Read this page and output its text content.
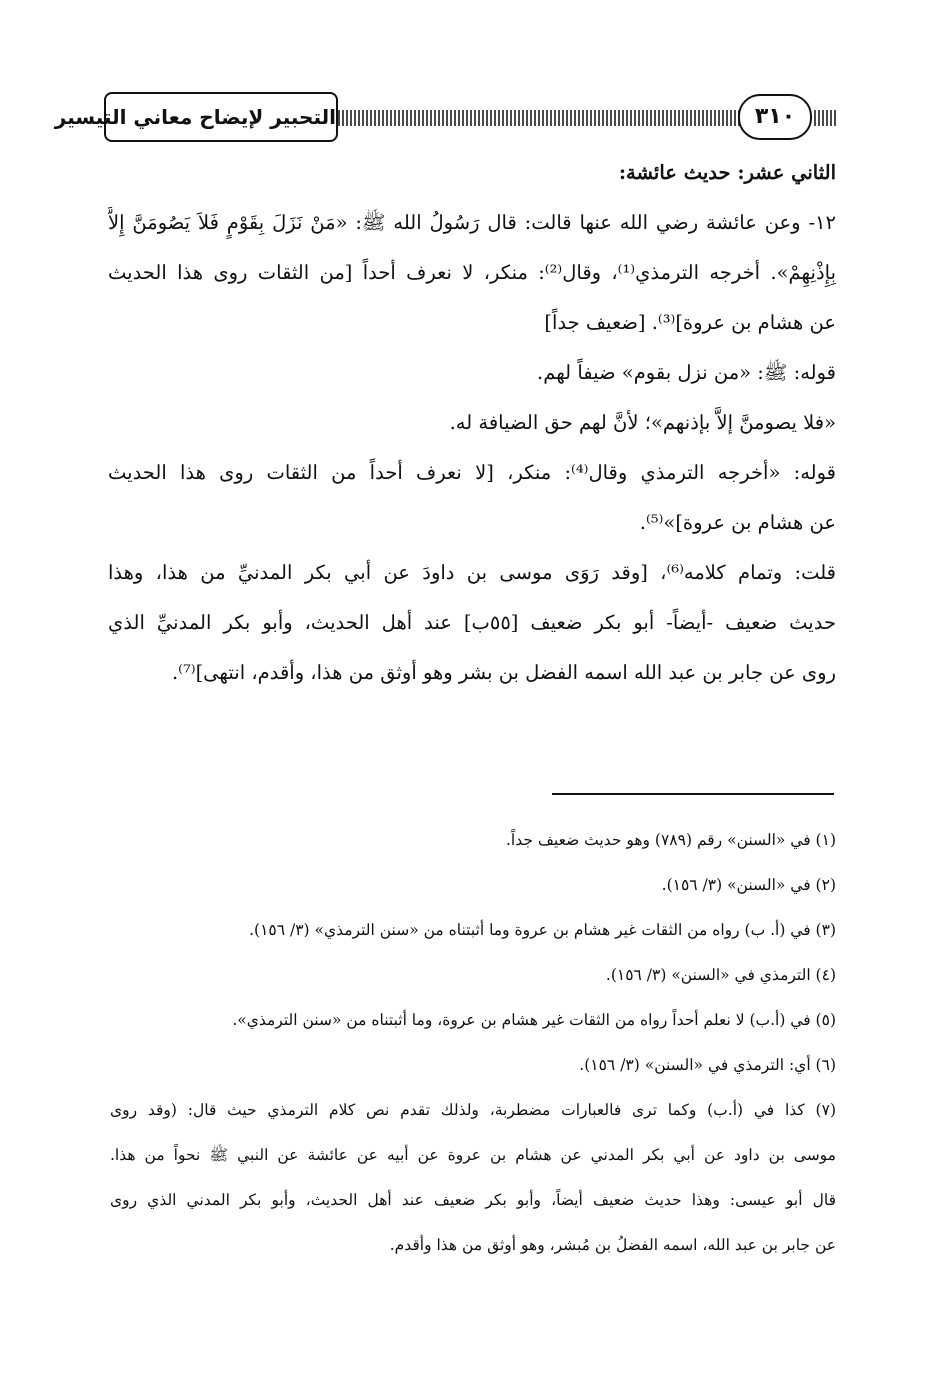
٣١٠
التحبير لإيضاح معاني التيسير
الثاني عشر: حديث عائشة:
١٢- وعن عائشة رضي الله عنها قالت: قال رَسُولُ الله ﷺ: «مَنْ نَزَلَ بِقَوْمٍ فَلاَ يَصُومَنَّ إِلاَّ
بِإِذْنِهِمْ». أخرجه الترمذي⁽¹⁾، وقال⁽²⁾: منكر، لا نعرف أحداً [من الثقات روى هذا الحديث
عن هشام بن عروة]⁽³⁾. [ضعيف جداً]
قوله: ﷺ: «من نزل بقوم» ضيفاً لهم.
«فلا يصومنَّ إلاَّ بإذنهم»؛ لأنَّ لهم حق الضيافة له.
قوله: «أخرجه الترمذي وقال⁽⁴⁾: منكر، [لا نعرف أحداً من الثقات روى هذا الحديث
عن هشام بن عروة]»⁽⁵⁾.
قلت: وتمام كلامه⁽⁶⁾، [وقد رَوَى موسى بن داودَ عن أبي بكر المدنيِّ من هذا، وهذا
حديث ضعيف -أيضاً- أبو بكر ضعيف [٥٥ب] عند أهل الحديث، وأبو بكر المدنيِّ الذي
روى عن جابر بن عبد الله اسمه الفضل بن بشر وهو أوثق من هذا، وأقدم، انتهى]⁽⁷⁾.
(١) في «السنن» رقم (٧٨٩) وهو حديث ضعيف جداً.
(٢) في «السنن» (٣/ ١٥٦).
(٣) في (أ. ب) رواه من الثقات غير هشام بن عروة وما أثبتناه من «سنن الترمذي» (٣/ ١٥٦).
(٤) الترمذي في «السنن» (٣/ ١٥٦).
(٥) في (أ.ب) لا نعلم أحداً رواه من الثقات غير هشام بن عروة، وما أثبتناه من «سنن الترمذي».
(٦) أي: الترمذي في «السنن» (٣/ ١٥٦).
(٧) كذا في (أ.ب) وكما ترى فالعبارات مضطربة، ولذلك تقدم نص كلام الترمذي حيث قال: (وقد روى
موسى بن داود عن أبي بكر المدني عن هشام بن عروة عن أبيه عن عائشة عن النبي ﷺ نحواً من هذا.
قال أبو عيسى: وهذا حديث ضعيف أيضاً، وأبو بكر ضعيف عند أهل الحديث، وأبو بكر المدني الذي روى
عن جابر بن عبد الله، اسمه الفضلُ بن مُبشر، وهو أوثق من هذا وأقدم.
